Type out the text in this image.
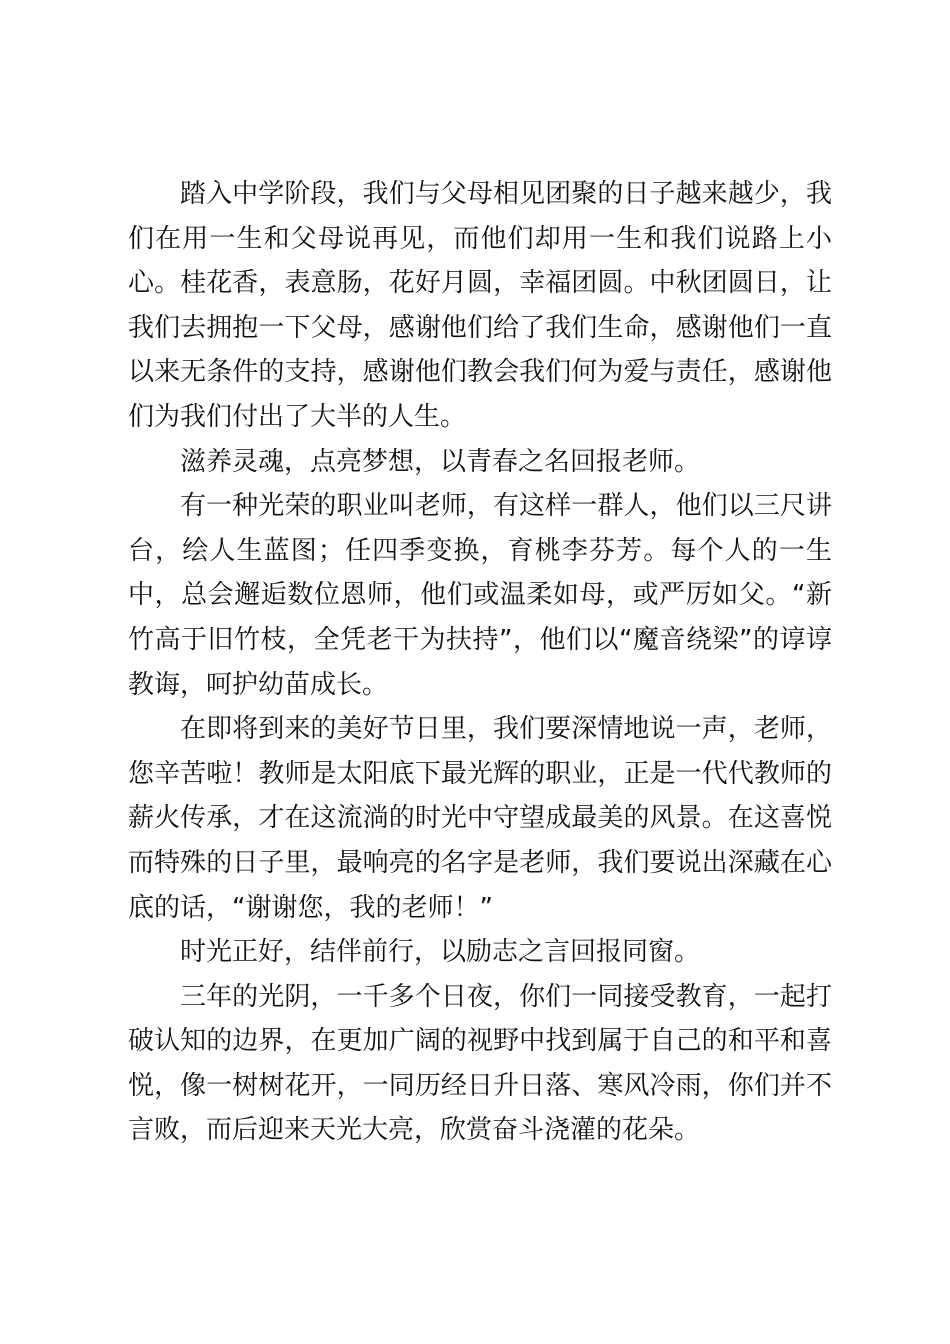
踏入中学阶段，我们与父母相见团聚的日子越来越少，我们在用一生和父母说再见，而他们却用一生和我们说路上小心。桂花香，表意肠，花好月圆，幸福团圆。中秋团圆日，让我们去拥抱一下父母，感谢他们给了我们生命，感谢他们一直以来无条件的支持，感谢他们教会我们何为爱与责任，感谢他们为我们付出了大半的人生。

滋养灵魂，点亮梦想，以青春之名回报老师。

有一种光荣的职业叫老师，有这样一群人，他们以三尺讲台，绘人生蓝图；任四季变换，育桃李芬芳。每个人的一生中，总会邂逅数位恩师，他们或温柔如母，或严厉如父。“新竹高于旧竹枝，全凭老干为扶持”，他们以“魔音绕梁”的谆谆教诲，呵护幼苗成长。

在即将到来的美好节日里，我们要深情地说一声，老师，您辛苦啦！教师是太阳底下最光辉的职业，正是一代代教师的薪火传承，才在这流淌的时光中守望成最美的风景。在这喜悦而特殊的日子里，最响亮的名字是老师，我们要说出深藏在心底的话，“谢谢您，我的老师！”

时光正好，结伴前行，以励志之言回报同窗。

三年的光阴，一千多个日夜，你们一同接受教育，一起打破认知的边界，在更加广阔的视野中找到属于自己的和平和喜悦，像一树树花开，一同历经日升日落、寒风冷雨，你们并不言败，而后迎来天光大亮，欣赏奋斗浇灌的花朵。
